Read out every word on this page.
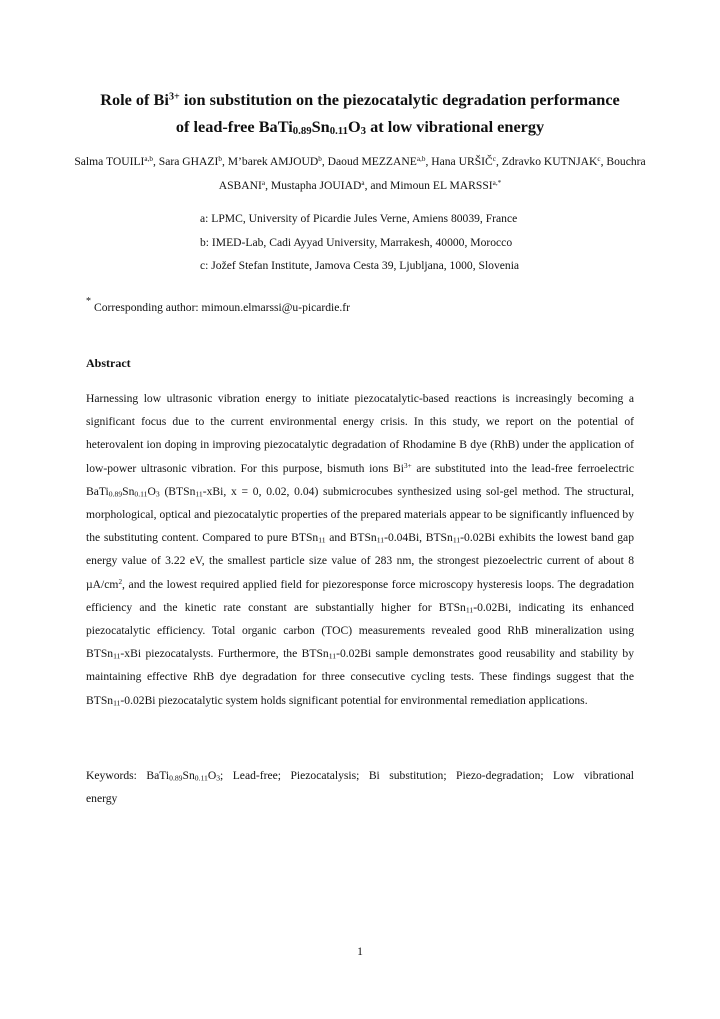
Role of $Bi^{3+}$ ion substitution on the piezocatalytic degradation performance
of lead-free $BaTi_{0.89}Sn_{0.11}O_3$ at low vibrational energy
Salma TOUILI$^{a,b}$, Sara GHAZI$^b$, M’barek AMJOUD$^b$, Daoud MEZZANE$^{a,b}$, Hana URŠIČ$^c$, Zdravko KUTNJAK$^c$, Bouchra ASBANI$^a$, Mustapha JOUIAD$^a$, and Mimoun EL $MARSSI^{a,*}$
a: LPMC, University of Picardie Jules Verne, Amiens 80039, France
b: IMED-Lab, Cadi Ayyad University, Marrakesh, 40000, Morocco
c: Jožef Stefan Institute, Jamova Cesta 39, Ljubljana, 1000, Slovenia
* Corresponding author: mimoun.elmarssi@u-picardie.fr
Abstract

Harnessing low ultrasonic vibration energy to initiate piezocatalytic-based reactions is increasingly becoming a significant focus due to the current environmental energy crisis. In this study, we report on the potential of heterovalent ion doping in improving piezocatalytic degradation of Rhodamine B dye (RhB) under the application of low-power ultrasonic vibration. For this purpose, bismuth ions $Bi^{3+}$ are substituted into the lead-free ferroelectric $BaTi_{0.89}Sn_{0.11}O_3$ (BTSn$_{11}$-xBi, x = 0, 0.02, 0.04) submicrocubes synthesized using sol-gel method. The structural, morphological, optical and piezocatalytic properties of the prepared materials appear to be significantly influenced by the substituting content. Compared to pure BTSn$_{11}$ and BTSn$_{11}$-0.04Bi, BTSn$_{11}$-0.02Bi exhibits the lowest band gap energy value of 3.22 eV, the smallest particle size value of 283 nm, the strongest piezoelectric current of about 8 $\mu A/cm^2$, and the lowest required applied field for piezoresponse force microscopy hysteresis loops. The degradation efficiency and the kinetic rate constant are substantially higher for BTSn$_{11}$-0.02Bi, indicating its enhanced piezocatalytic efficiency. Total organic carbon (TOC) measurements revealed good RhB mineralization using BTSn$_{11}$-xBi piezocatalysts. Furthermore, the BTSn$_{11}$-0.02Bi sample demonstrates good reusability and stability by maintaining effective RhB dye degradation for three consecutive cycling tests. These findings suggest that the BTSn$_{11}$-0.02Bi piezocatalytic system holds significant potential for environmental remediation applications.

Keywords: $BaTi_{0.89}Sn_{0.11}O_3$; Lead-free; Piezocatalysis; Bi substitution; Piezo-degradation; Low vibrational energy

1
